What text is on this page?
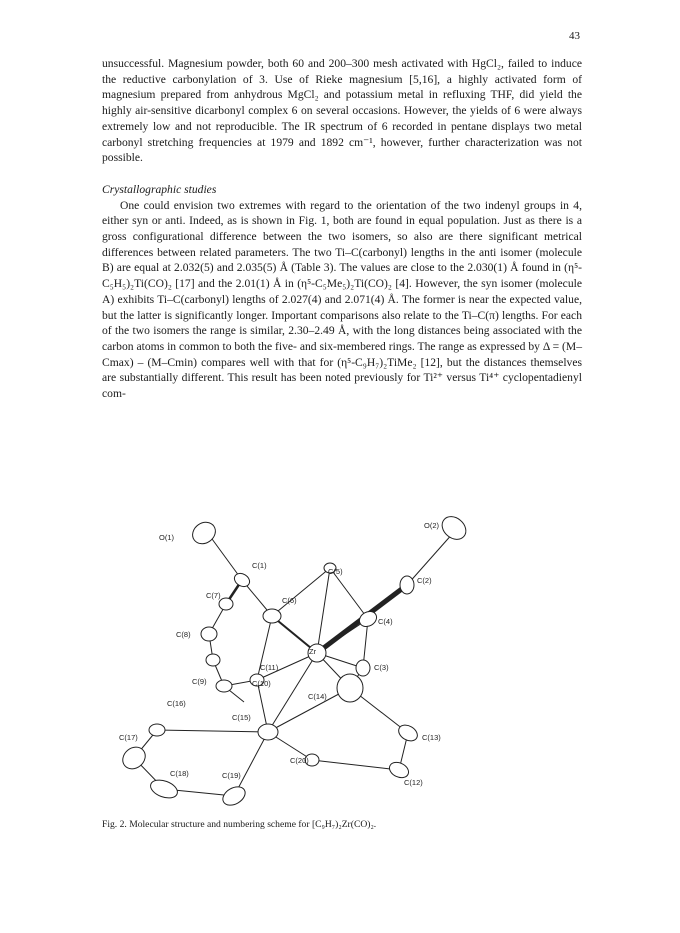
43

unsuccessful. Magnesium powder, both 60 and 200–300 mesh activated with HgCl₂, failed to induce the reductive carbonylation of 3. Use of Rieke magnesium [5,16], a highly activated form of magnesium prepared from anhydrous MgCl₂ and potassium metal in refluxing THF, did yield the highly air-sensitive dicarbonyl complex 6 on several occasions. However, the yields of 6 were always extremely low and not reproducible. The IR spectrum of 6 recorded in pentane displays two metal carbonyl stretching frequencies at 1979 and 1892 cm⁻¹, however, further characterization was not possible.

Crystallographic studies

One could envision two extremes with regard to the orientation of the two indenyl groups in 4, either syn or anti. Indeed, as is shown in Fig. 1, both are found in equal population. Just as there is a gross configurational difference between the two isomers, so also are there significant metrical differences between related parameters. The two Ti–C(carbonyl) lengths in the anti isomer (molecule B) are equal at 2.032(5) and 2.035(5) Å (Table 3). The values are close to the 2.030(1) Å found in (η⁵-C₅H₅)₂Ti(CO)₂ [17] and the 2.01(1) Å in (η⁵-C₅Me₅)₂Ti(CO)₂ [4]. However, the syn isomer (molecule A) exhibits Ti–C(carbonyl) lengths of 2.027(4) and 2.071(4) Å. The former is near the expected value, but the latter is significantly longer. Important comparisons also relate to the Ti–C(π) lengths. For each of the two isomers the range is similar, 2.30–2.49 Å, with the long distances being associated with the carbon atoms in common to both the five- and six-membered rings. The range as expressed by Δ = (M–Cmax) – (M–Cmin) compares well with that for (η⁵-C₉H₇)₂TiMe₂ [12], but the distances themselves are substantially different. This result has been noted previously for Ti²⁺ versus Ti⁴⁺ cyclopentadienyl com-

O(1)
O(2)
C(1)
C(2)
C(3)
C(4)
C(5)
C(6)
C(7)
C(8)
C(9)	C(10)
C(11)
C(12)
C(13)
C(14)
C(15)
C(16)
C(17)
C(18)	C(19)
C(20)
Zr
Fig. 2. Molecular structure and numbering scheme for [C₉H₇)₂Zr(CO)₂.
